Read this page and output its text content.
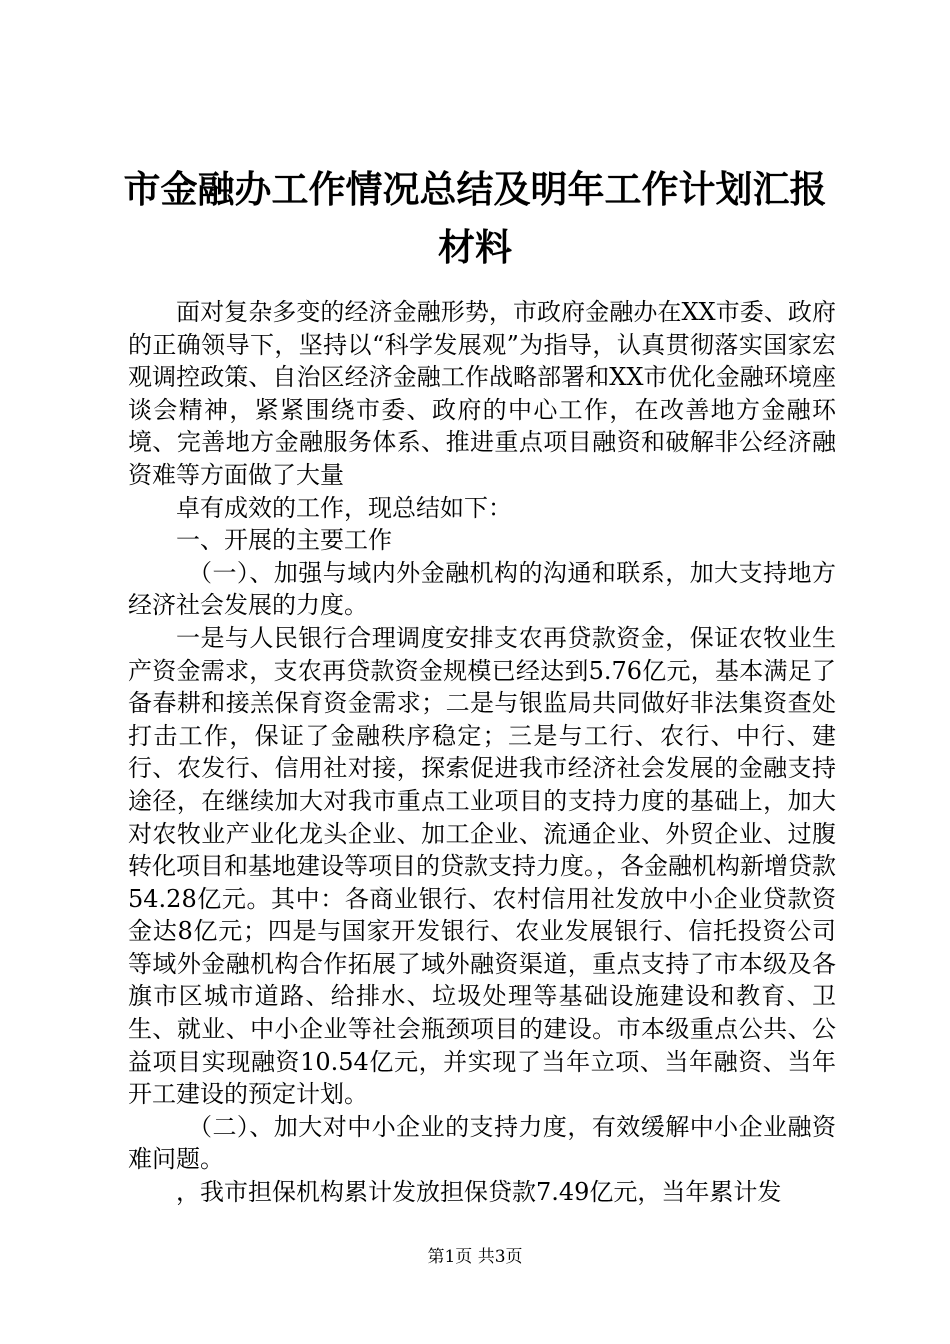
市金融办工作情况总结及明年工作计划汇报材料

面对复杂多变的经济金融形势，市政府金融办在XX市委、政府的正确领导下，坚持以“科学发展观”为指导，认真贯彻落实国家宏观调控政策、自治区经济金融工作战略部署和XX市优化金融环境座谈会精神，紧紧围绕市委、政府的中心工作，在改善地方金融环境、完善地方金融服务体系、推进重点项目融资和破解非公经济融资难等方面做了大量

卓有成效的工作，现总结如下：

一、开展的主要工作

（一）、加强与域内外金融机构的沟通和联系，加大支持地方经济社会发展的力度。

一是与人民银行合理调度安排支农再贷款资金，保证农牧业生产资金需求，支农再贷款资金规模已经达到5.76亿元，基本满足了备春耕和接羔保育资金需求；二是与银监局共同做好非法集资查处打击工作，保证了金融秩序稳定；三是与工行、农行、中行、建行、农发行、信用社对接，探索促进我市经济社会发展的金融支持途径，在继续加大对我市重点工业项目的支持力度的基础上，加大对农牧业产业化龙头企业、加工企业、流通企业、外贸企业、过腹转化项目和基地建设等项目的贷款支持力度。，各金融机构新增贷款54.28亿元。其中：各商业银行、农村信用社发放中小企业贷款资金达8亿元；四是与国家开发银行、农业发展银行、信托投资公司等域外金融机构合作拓展了域外融资渠道，重点支持了市本级及各旗市区城市道路、给排水、垃圾处理等基础设施建设和教育、卫生、就业、中小企业等社会瓶颈项目的建设。市本级重点公共、公益项目实现融资10.54亿元，并实现了当年立项、当年融资、当年开工建设的预定计划。

（二）、加大对中小企业的支持力度，有效缓解中小企业融资难问题。

，我市担保机构累计发放担保贷款7.49亿元，当年累计发

第1页 共3页
